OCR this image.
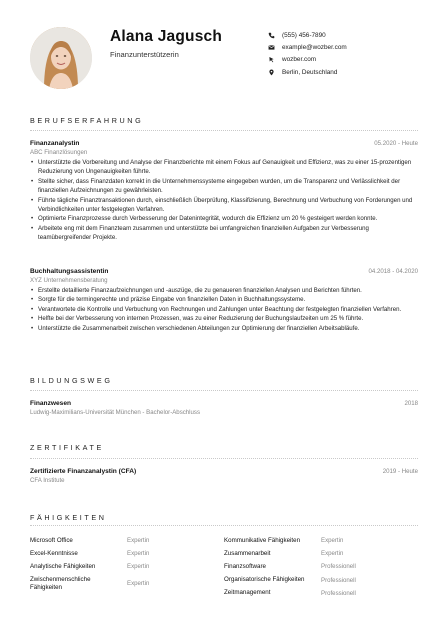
Alana Jagusch
Finanzunterstützerin
(555) 456-7890
example@wozber.com
wozber.com
Berlin, Deutschland
BERUFSERFAHRUNG
Finanzanalystin	05.2020 - Heute
ABC Finanzlösungen
• Unterstützte die Vorbereitung und Analyse der Finanzberichte mit einem Fokus auf Genauigkeit und Effizienz, was zu einer 15-prozentigen Reduzierung von Ungenauigkeiten führte.
• Stellte sicher, dass Finanzdaten korrekt in die Unternehmenssysteme eingegeben wurden, um die Transparenz und Verlässlichkeit der finanziellen Aufzeichnungen zu gewährleisten.
• Führte tägliche Finanztransaktionen durch, einschließlich Überprüfung, Klassifizierung, Berechnung und Verbuchung von Forderungen und Verbindlichkeiten unter festgelegten Verfahren.
• Optimierte Finanzprozesse durch Verbesserung der Datenintegrität, wodurch die Effizienz um 20 % gesteigert werden konnte.
• Arbeitete eng mit dem Finanzteam zusammen und unterstützte bei umfangreichen finanziellen Aufgaben zur Verbesserung teamübergreifender Projekte.
Buchhaltungsassistentin	04.2018 - 04.2020
XYZ Unternehmensberatung
• Erstellte detaillierte Finanzaufzeichnungen und -auszüge, die zu genaueren finanziellen Analysen und Berichten führten.
• Sorgte für die termingerechte und präzise Eingabe von finanziellen Daten in Buchhaltungssysteme.
• Verantwortete die Kontrolle und Verbuchung von Rechnungen und Zahlungen unter Beachtung der festgelegten finanziellen Verfahren.
• Helfte bei der Verbesserung von internen Prozessen, was zu einer Reduzierung der Buchungslaufzeiten um 25 % führte.
• Unterstützte die Zusammenarbeit zwischen verschiedenen Abteilungen zur Optimierung der finanziellen Arbeitsabläufe.
BILDUNGSWEG
Finanzwesen	2018
Ludwig-Maximilians-Universität München - Bachelor-Abschluss
ZERTIFIKATE
Zertifizierte Finanzanalystin (CFA)	2019 - Heute
CFA Institute
FÄHIGKEITEN
Microsoft Office	Expertin
Excel-Kenntnisse	Expertin
Analytische Fähigkeiten	Expertin
Zwischenmenschliche Fähigkeiten	Expertin
Kommunikative Fähigkeiten	Expertin
Zusammenarbeit	Expertin
Finanzsoftware	Professionell
Organisatorische Fähigkeiten	Professionell
Zeitmanagement	Professionell
